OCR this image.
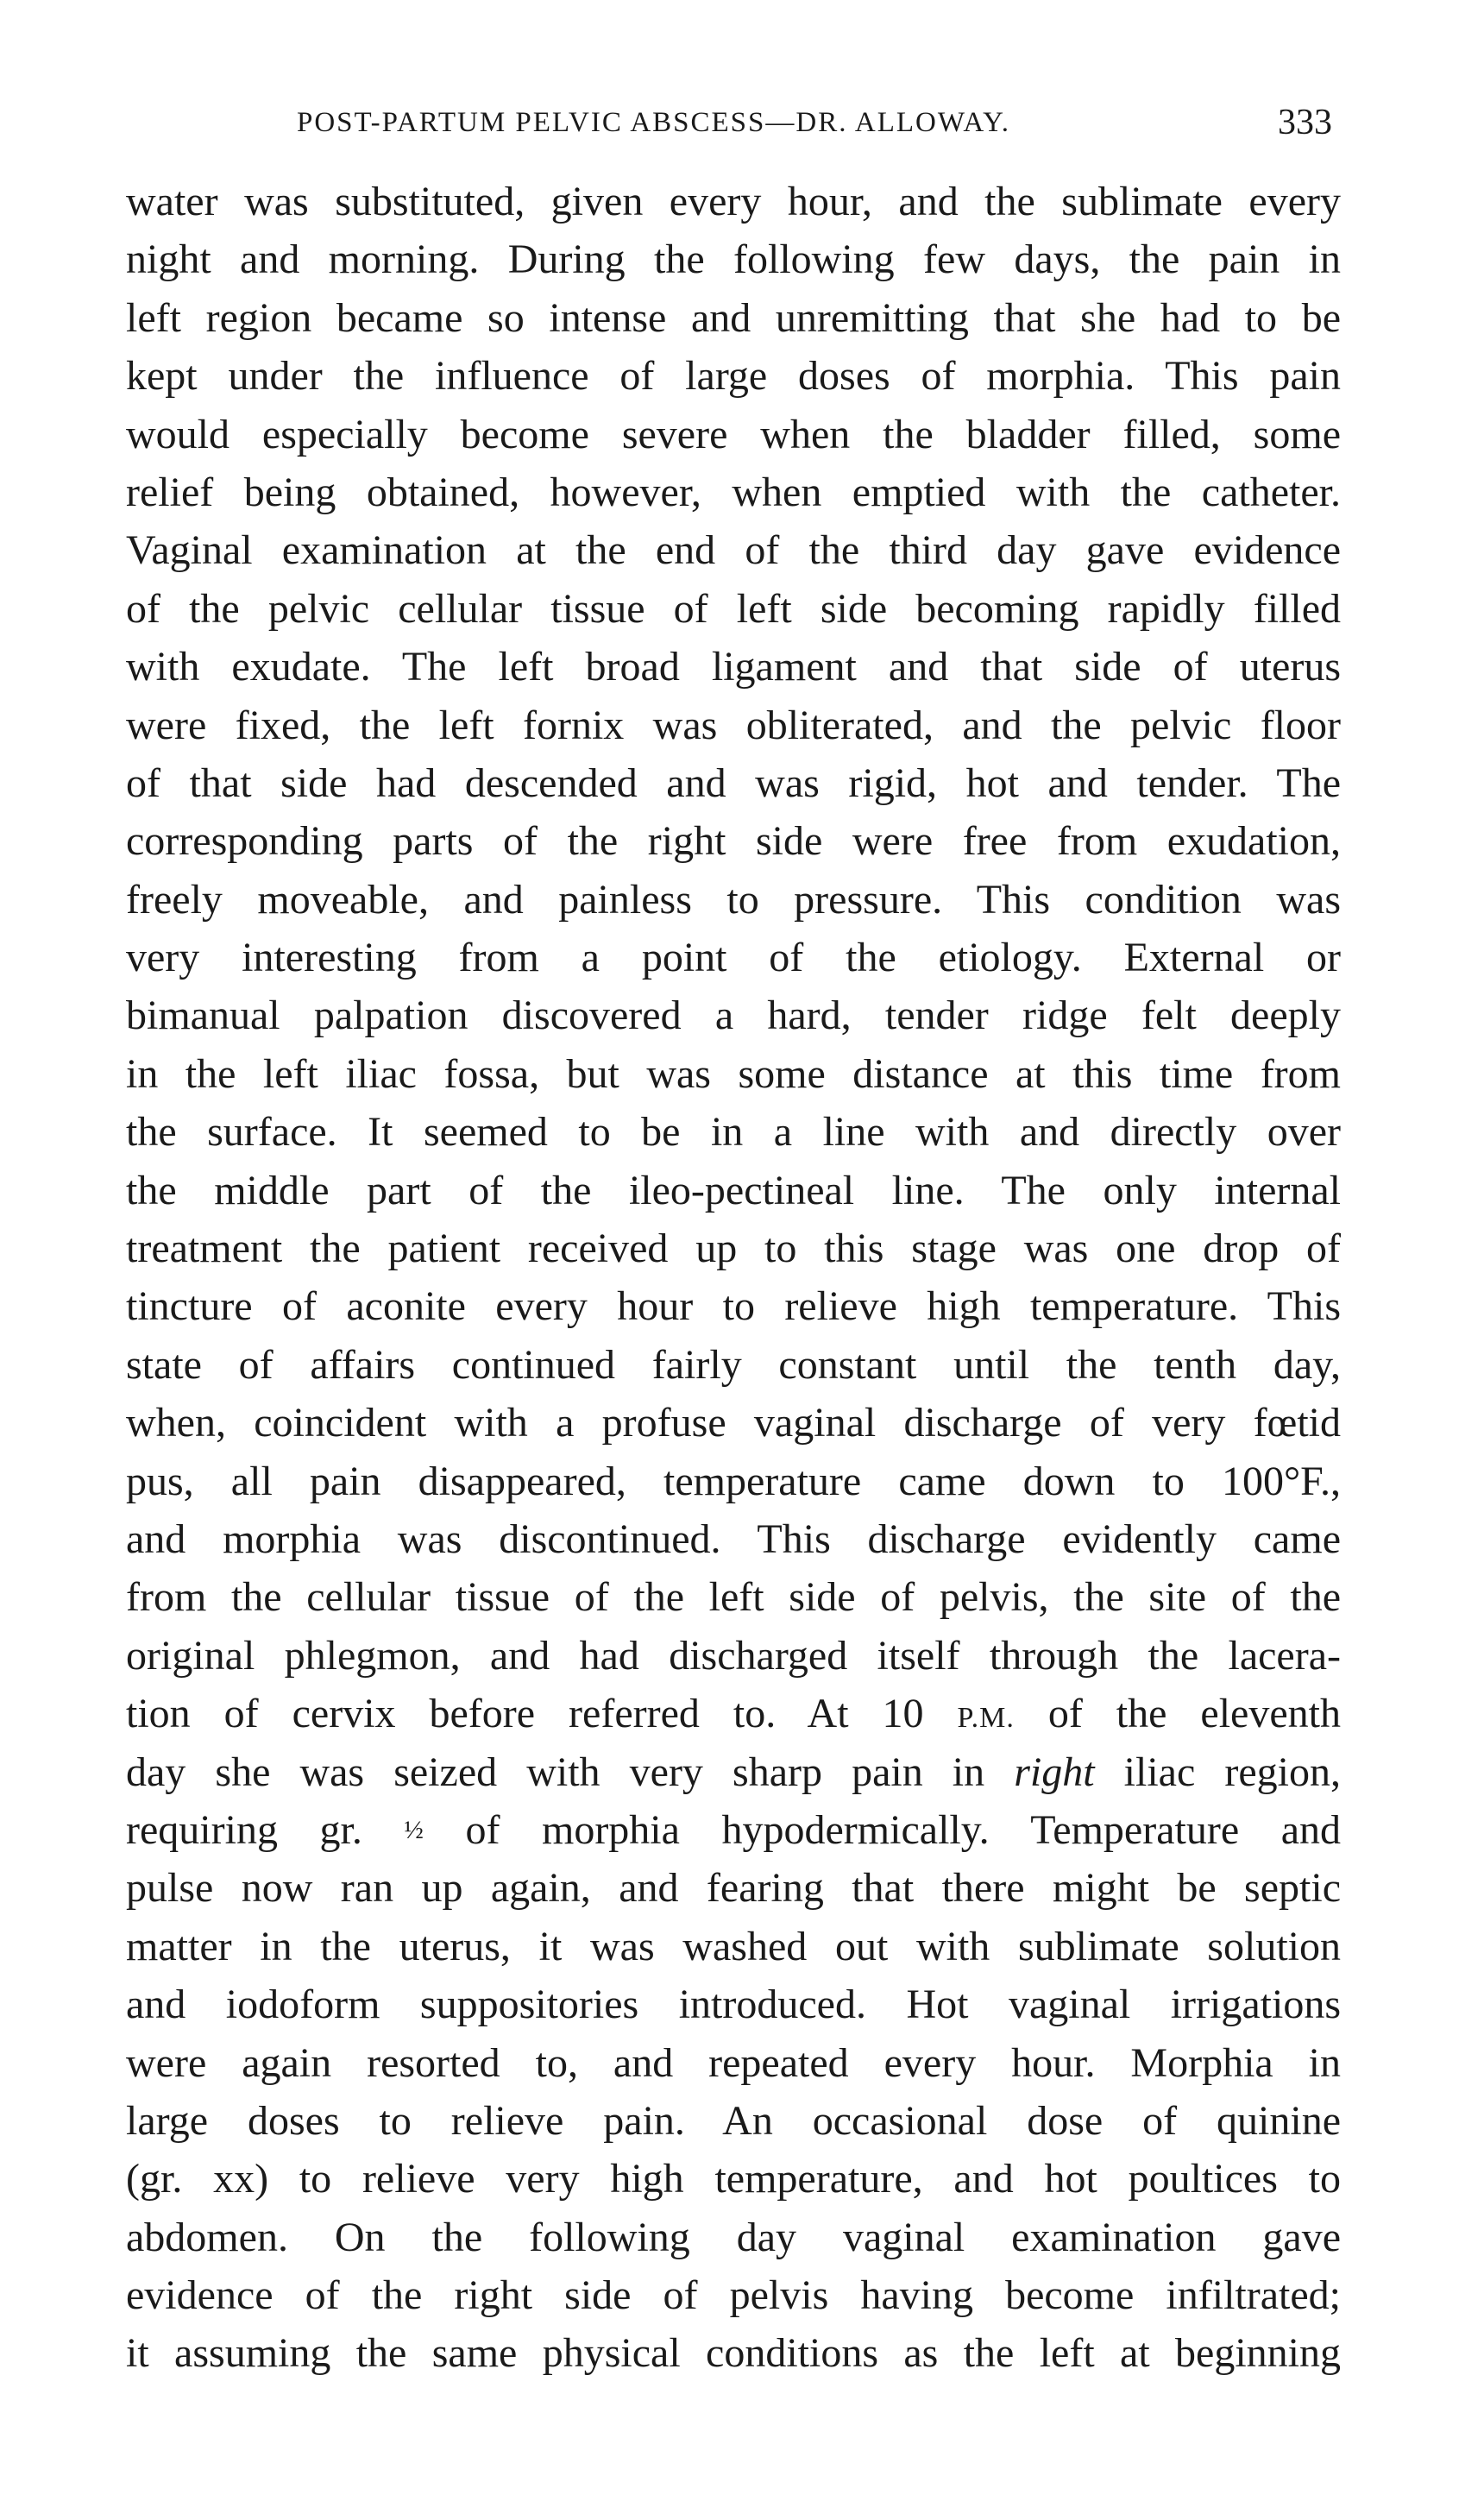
POST-PARTUM PELVIC ABSCESS—DR. ALLOWAY.	333
water was substituted, given every hour, and the sublimate every
night and morning. During the following few days, the pain in
left region became so intense and unremitting that she had to be
kept under the influence of large doses of morphia. This pain
would especially become severe when the bladder filled, some
relief being obtained, however, when emptied with the catheter.
Vaginal examination at the end of the third day gave evidence
of the pelvic cellular tissue of left side becoming rapidly filled
with exudate. The left broad ligament and that side of uterus
were fixed, the left fornix was obliterated, and the pelvic floor
of that side had descended and was rigid, hot and tender. The
corresponding parts of the right side were free from exudation,
freely moveable, and painless to pressure. This condition was
very interesting from a point of the etiology. External or
bimanual palpation discovered a hard, tender ridge felt deeply
in the left iliac fossa, but was some distance at this time from
the surface. It seemed to be in a line with and directly over
the middle part of the ileo-pectineal line. The only internal
treatment the patient received up to this stage was one drop of
tincture of aconite every hour to relieve high temperature. This
state of affairs continued fairly constant until the tenth day,
when, coincident with a profuse vaginal discharge of very fœtid
pus, all pain disappeared, temperature came down to 100°F.,
and morphia was discontinued. This discharge evidently came
from the cellular tissue of the left side of pelvis, the site of the
original phlegmon, and had discharged itself through the lacera-
tion of cervix before referred to. At 10 P.M. of the eleventh
day she was seized with very sharp pain in right iliac region,
requiring gr. ½ of morphia hypodermically. Temperature and
pulse now ran up again, and fearing that there might be septic
matter in the uterus, it was washed out with sublimate solution
and iodoform suppositories introduced. Hot vaginal irrigations
were again resorted to, and repeated every hour. Morphia in
large doses to relieve pain. An occasional dose of quinine
(gr. xx) to relieve very high temperature, and hot poultices to
abdomen. On the following day vaginal examination gave
evidence of the right side of pelvis having become infiltrated;
it assuming the same physical conditions as the left at beginning
